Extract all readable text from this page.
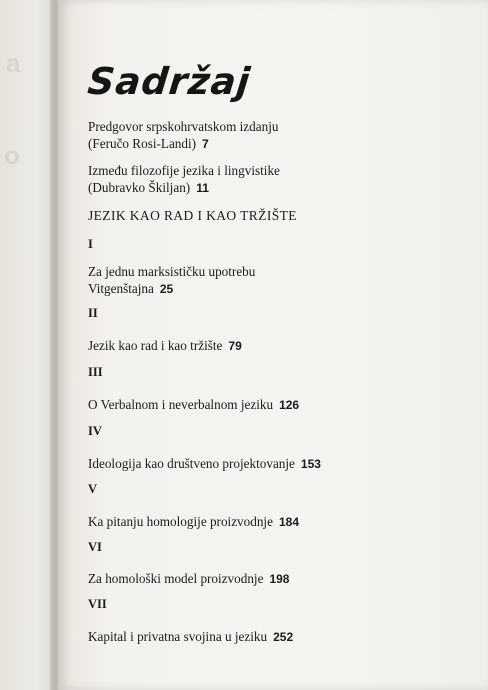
a
o
Sadržaj
Predgovor srpskohrvatskom izdanju
(Feručo Rosi-Landi) 7
Između filozofije jezika i lingvistike
(Dubravko Škiljan) 11
JEZIK KAO RAD I KAO TRŽIŠTE
I
Za jednu marksističku upotrebu
Vitgenštajna 25
II
Jezik kao rad i kao tržište 79
III
O Verbalnom i neverbalnom jeziku 126
IV
Ideologija kao društveno projektovanje 153
V
Ka pitanju homologije proizvodnje 184
VI
Za homološki model proizvodnje 198
VII
Kapital i privatna svojina u jeziku 252
